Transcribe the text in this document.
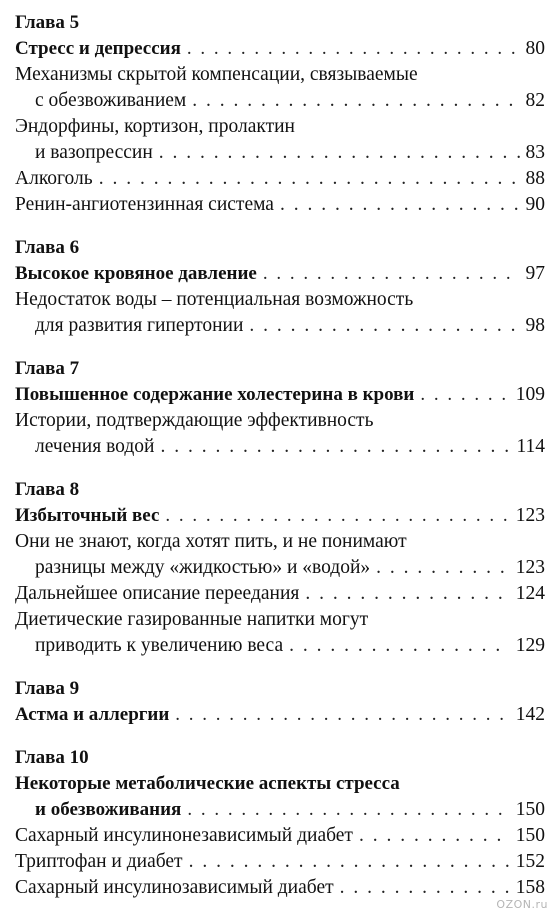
Глава 5
Стресс и депрессия . . .	80
Механизмы скрытой компенсации, связываемые
с обезвоживанием . . .	82
Эндорфины, кортизон, пролактин
и вазопрессин . . .	83
Алкоголь . . .	88
Ренин-ангиотензинная система . . .	90
Глава 6
Высокое кровяное давление . . .	97
Недостаток воды – потенциальная возможность
для развития гипертонии . . .	98
Глава 7
Повышенное содержание холестерина в крови . . .	109
Истории, подтверждающие эффективность
лечения водой . . .	114
Глава 8
Избыточный вес . . .	123
Они не знают, когда хотят пить, и не понимают
разницы между «жидкостью» и «водой» . . .	123
Дальнейшее описание переедания . . .	124
Диетические газированные напитки могут
приводить к увеличению веса . . .	129
Глава 9
Астма и аллергии . . .	142
Глава 10
Некоторые метаболические аспекты стресса
и обезвоживания . . .	150
Сахарный инсулинонезависимый диабет . . .	150
Триптофан и диабет . . .	152
Сахарный инсулинозависимый диабет . . .	158
OZON.ru
